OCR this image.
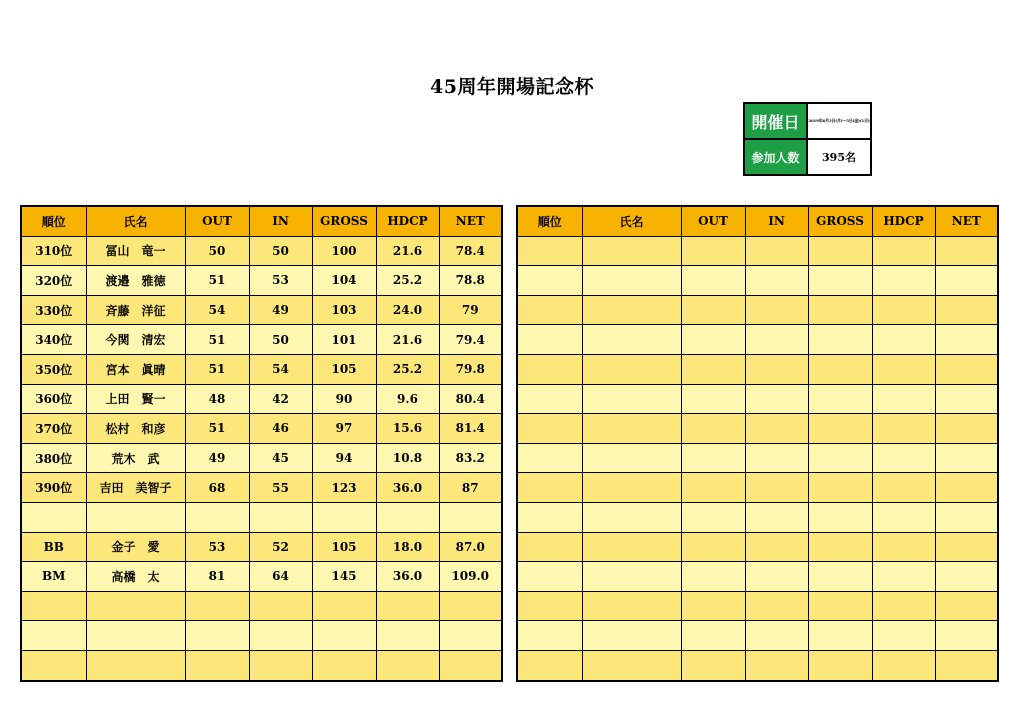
45周年開場記念杯
開催日	2019年6月3日(月)〜5日(金)(1日)
参加人数	395名
順位	氏名	OUT	IN	GROSS	HDCP	NET
310位	冨山　竜一	50	50	100	21.6	78.4
320位	渡邉　雅徳	51	53	104	25.2	78.8
330位	斉藤　洋征	54	49	103	24.0	79
340位	今関　清宏	51	50	101	21.6	79.4
350位	宮本　眞晴	51	54	105	25.2	79.8
360位	上田　賢一	48	42	90	9.6	80.4
370位	松村　和彦	51	46	97	15.6	81.4
380位	荒木　武	49	45	94	10.8	83.2
390位	吉田　美智子	68	55	123	36.0	87

BB	金子　愛	53	52	105	18.0	87.0
BM	高橋　太	81	64	145	36.0	109.0

順位	氏名	OUT	IN	GROSS	HDCP	NET
